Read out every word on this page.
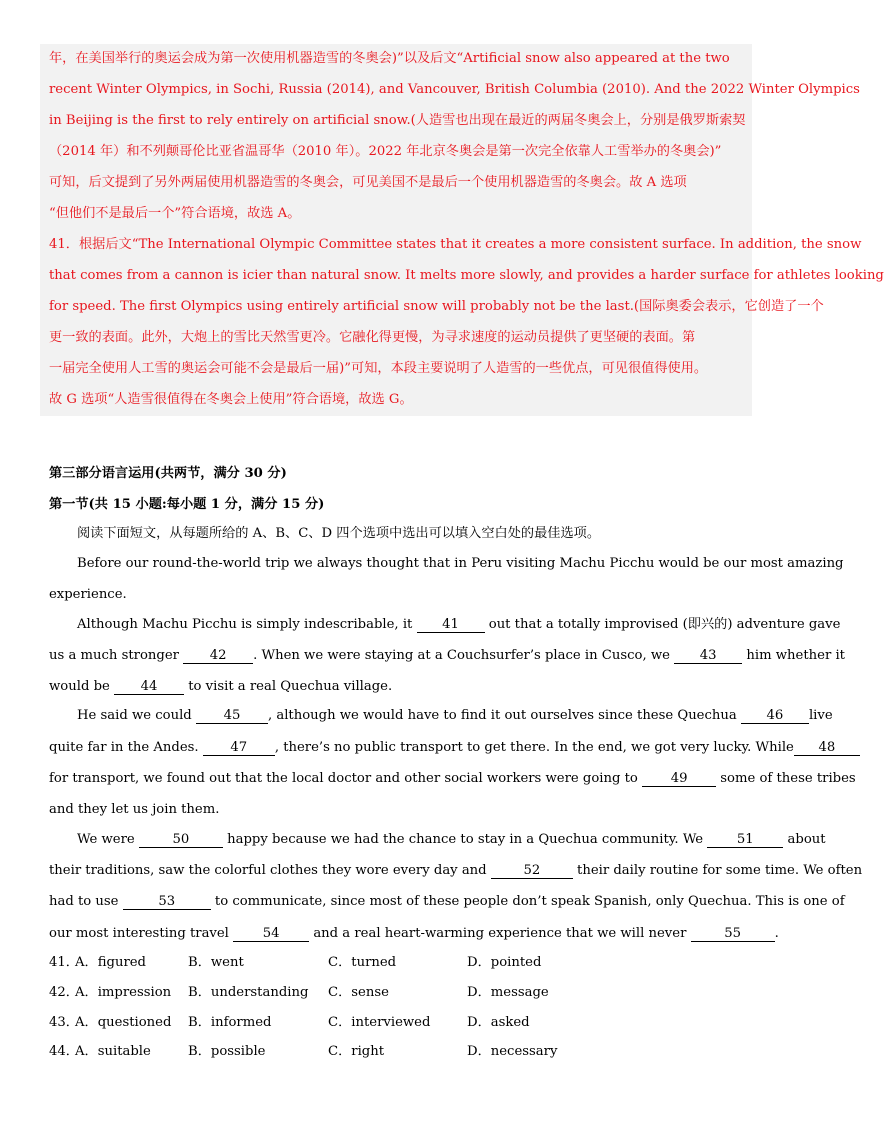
年，在美国举行的奥运会成为第一次使用机器造雪的冬奥会)”以及后文“Artificial snow also appeared at the two
recent Winter Olympics, in Sochi, Russia (2014), and Vancouver, British Columbia (2010). And the 2022 Winter Olympics
in Beijing is the first to rely entirely on artificial snow.(人造雪也出现在最近的两届冬奥会上，分别是俄罗斯索契
（2014 年）和不列颠哥伦比亚省温哥华（2010 年）。2022 年北京冬奥会是第一次完全依靠人工雪举办的冬奥会)”
可知，后文提到了另外两届使用机器造雪的冬奥会，可见美国不是最后一个使用机器造雪的冬奥会。故 A 选项
“但他们不是最后一个”符合语境，故选 A。
41．根据后文“The International Olympic Committee states that it creates a more consistent surface. In addition, the snow
that comes from a cannon is icier than natural snow. It melts more slowly, and provides a harder surface for athletes looking
for speed. The first Olympics using entirely artificial snow will probably not be the last.(国际奥委会表示，它创造了一个
更一致的表面。此外，大炮上的雪比天然雪更冷。它融化得更慢，为寻求速度的运动员提供了更坚硬的表面。第
一届完全使用人工雪的奥运会可能不会是最后一届)”可知，本段主要说明了人造雪的一些优点，可见很值得使用。
故 G 选项“人造雪很值得在冬奥会上使用”符合语境，故选 G。
第三部分语言运用(共两节，满分 30 分)
第一节(共 15 小题:每小题 1 分，满分 15 分)
阅读下面短文，从每题所给的 A、B、C、D 四个选项中选出可以填入空白处的最佳选项。
Before our round-the-world trip we always thought that in Peru visiting Machu Picchu would be our most amazing
experience.
Although Machu Picchu is simply indescribable, it 41 out that a totally improvised (即兴的) adventure gave
us a much stronger 42 . When we were staying at a Couchsurfer’s place in Cusco, we 43 him whether it
would be 44 to visit a real Quechua village.
He said we could 45 , although we would have to find it out ourselves since these Quechua 46 live
quite far in the Andes. 47 , there’s no public transport to get there. In the end, we got very lucky. While 48
for transport, we found out that the local doctor and other social workers were going to 49 some of these tribes
and they let us join them.
We were	50	happy because we had the chance to stay in a Quechua community. We	51	about
their traditions, saw the colorful clothes they wore every day and	52	their daily routine for some time. We often
had to use	53	to communicate, since most of these people don’t speak Spanish, only Quechua. This is one of
our most interesting travel	54	and a real heart-warming experience that we will never	55	.
41．
A．figured	B．went	C．turned	D．pointed
42．
A．impression B．understanding C．sense	D．message
43．
A．questioned B．informed	C．interviewed	D．asked
44．
A．suitable	B．possible	C．right	D．necessary
